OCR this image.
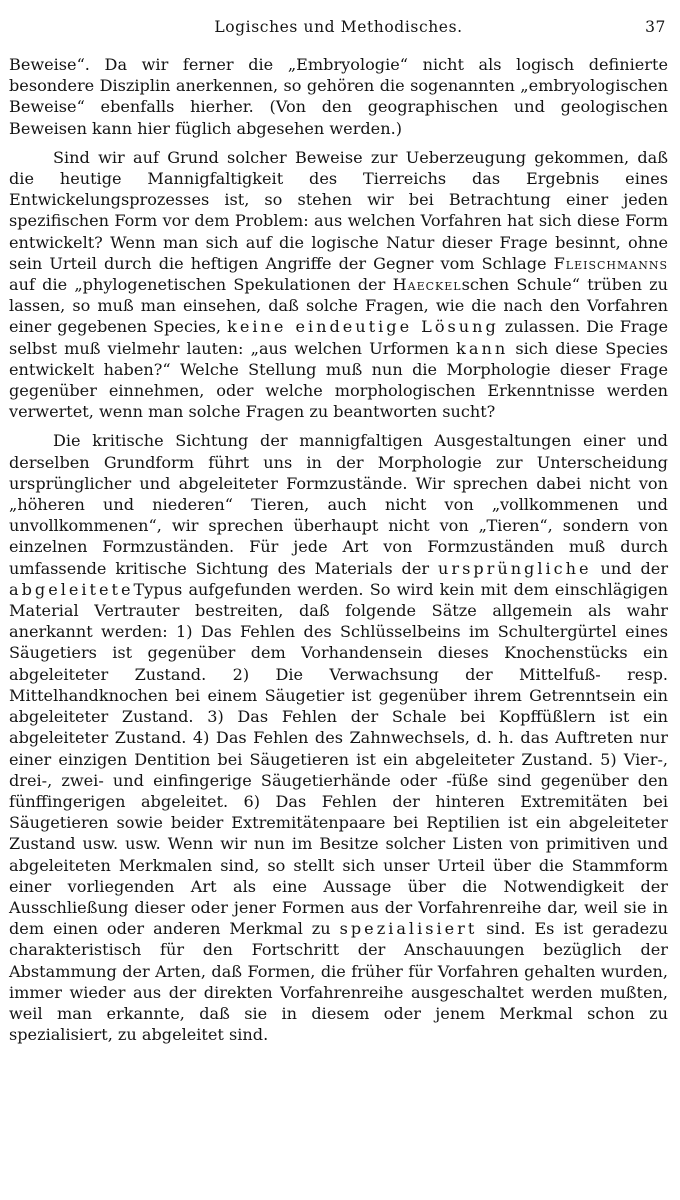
Logisches und Methodisches.	37

Beweise“. Da wir ferner die „Embryologie“ nicht als logisch definierte besondere Disziplin anerkennen, so gehören die sogenannten „embryologischen Beweise“ ebenfalls hierher. (Von den geographischen und geologischen Beweisen kann hier füglich abgesehen werden.)

Sind wir auf Grund solcher Beweise zur Ueberzeugung gekommen, daß die heutige Mannigfaltigkeit des Tierreichs das Ergebnis eines Entwickelungsprozesses ist, so stehen wir bei Betrachtung einer jeden spezifischen Form vor dem Problem: aus welchen Vorfahren hat sich diese Form entwickelt? Wenn man sich auf die logische Natur dieser Frage besinnt, ohne sein Urteil durch die heftigen Angriffe der Gegner vom Schlage Fleischmanns auf die „phylogenetischen Spekulationen der Haeckelschen Schule“ trüben zu lassen, so muß man einsehen, daß solche Fragen, wie die nach den Vorfahren einer gegebenen Species, keine eindeutige Lösung zulassen. Die Frage selbst muß vielmehr lauten: „aus welchen Urformen kann sich diese Species entwickelt haben?“ Welche Stellung muß nun die Morphologie dieser Frage gegenüber einnehmen, oder welche morphologischen Erkenntnisse werden verwertet, wenn man solche Fragen zu beantworten sucht?

Die kritische Sichtung der mannigfaltigen Ausgestaltungen einer und derselben Grundform führt uns in der Morphologie zur Unterscheidung ursprünglicher und abgeleiteter Formzustände. Wir sprechen dabei nicht von „höheren und niederen“ Tieren, auch nicht von „vollkommenen und unvollkommenen“, wir sprechen überhaupt nicht von „Tieren“, sondern von einzelnen Formzuständen. Für jede Art von Formzuständen muß durch umfassende kritische Sichtung des Materials der ursprüngliche und der abgeleiteteTypus aufgefunden werden. So wird kein mit dem einschlägigen Material Vertrauter bestreiten, daß folgende Sätze allgemein als wahr anerkannt werden: 1) Das Fehlen des Schlüsselbeins im Schultergürtel eines Säugetiers ist gegenüber dem Vorhandensein dieses Knochenstücks ein abgeleiteter Zustand. 2) Die Verwachsung der Mittelfuß- resp. Mittelhandknochen bei einem Säugetier ist gegenüber ihrem Getrenntsein ein abgeleiteter Zustand. 3) Das Fehlen der Schale bei Kopffüßlern ist ein abgeleiteter Zustand. 4) Das Fehlen des Zahnwechsels, d. h. das Auftreten nur einer einzigen Dentition bei Säugetieren ist ein abgeleiteter Zustand. 5) Vier-, drei-, zwei- und einfingerige Säugetierhände oder -füße sind gegenüber den fünffingerigen abgeleitet. 6) Das Fehlen der hinteren Extremitäten bei Säugetieren sowie beider Extremitätenpaare bei Reptilien ist ein abgeleiteter Zustand usw. usw. Wenn wir nun im Besitze solcher Listen von primitiven und abgeleiteten Merkmalen sind, so stellt sich unser Urteil über die Stammform einer vorliegenden Art als eine Aussage über die Notwendigkeit der Ausschließung dieser oder jener Formen aus der Vorfahrenreihe dar, weil sie in dem einen oder anderen Merkmal zu spezialisiert sind. Es ist geradezu charakteristisch für den Fortschritt der Anschauungen bezüglich der Abstammung der Arten, daß Formen, die früher für Vorfahren gehalten wurden, immer wieder aus der direkten Vorfahrenreihe ausgeschaltet werden mußten, weil man erkannte, daß sie in diesem oder jenem Merkmal schon zu spezialisiert, zu abgeleitet sind.
